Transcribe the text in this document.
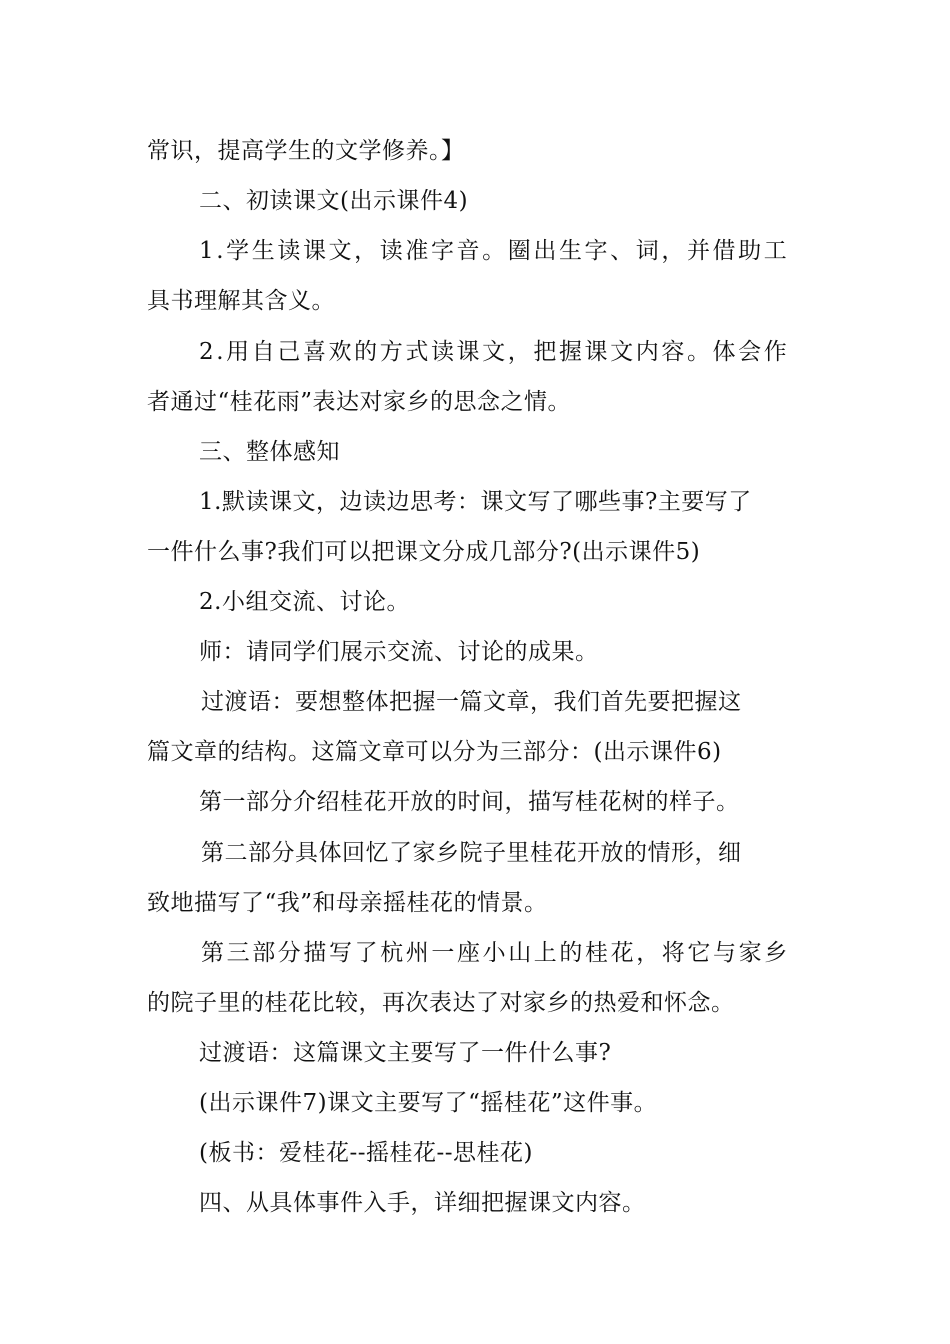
常识，提高学生的文学修养。】
二、初读课文(出示课件4)
1.学生读课文，读准字音。圈出生字、词，并借助工
具书理解其含义。
2.用自己喜欢的方式读课文，把握课文内容。体会作
者通过“桂花雨”表达对家乡的思念之情。
三、整体感知
1.默读课文，边读边思考：课文写了哪些事?主要写了
一件什么事?我们可以把课文分成几部分?(出示课件5)
2.小组交流、讨论。
师：请同学们展示交流、讨论的成果。
过渡语：要想整体把握一篇文章，我们首先要把握这
篇文章的结构。这篇文章可以分为三部分：(出示课件6)
第一部分介绍桂花开放的时间，描写桂花树的样子。
第二部分具体回忆了家乡院子里桂花开放的情形，细
致地描写了“我”和母亲摇桂花的情景。
第三部分描写了杭州一座小山上的桂花，将它与家乡
的院子里的桂花比较，再次表达了对家乡的热爱和怀念。
过渡语：这篇课文主要写了一件什么事?
(出示课件7)课文主要写了“摇桂花”这件事。
(板书：爱桂花--摇桂花--思桂花)
四、从具体事件入手，详细把握课文内容。
